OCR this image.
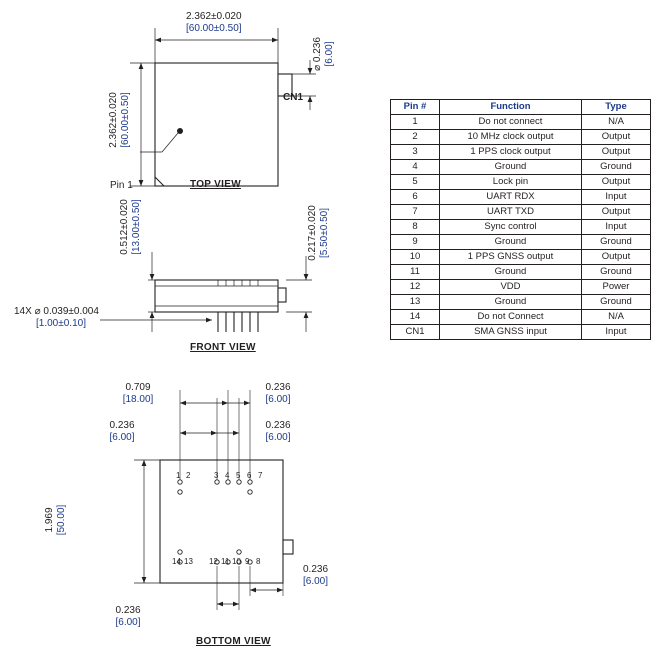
2.362±0.020
[60.00±0.50]
2.362±0.020 [60.00±0.50]
⌀ 0.236 [6.00]
CN1
Pin 1	TOP VIEW
0.512±0.020 [13.00±0.50]	0.217±0.020 [5.50±0.50]
14X ⌀ 0.039±0.004
[1.00±0.10]
FRONT VIEW
0.709
[18.00]
0.236
[6.00]
0.236
[6.00]
0.236
[6.00]
1.969 [50.00]
0.236
[6.00]
0.236
[6.00]
1 2	3 4 5 6 7
14 13 12 11 10 9 8
BOTTOM VIEW
Pin #	Function	Type
1	Do not connect	N/A
2	10 MHz clock output	Output
3	1 PPS clock output	Output
4	Ground	Ground
5	Lock pin	Output
6	UART RDX	Input
7	UART TXD	Output
8	Sync control	Input
9	Ground	Ground
10	1 PPS GNSS output	Output
11	Ground	Ground
12	VDD	Power
13	Ground	Ground
14	Do not Connect	N/A
CN1	SMA GNSS input	Input
